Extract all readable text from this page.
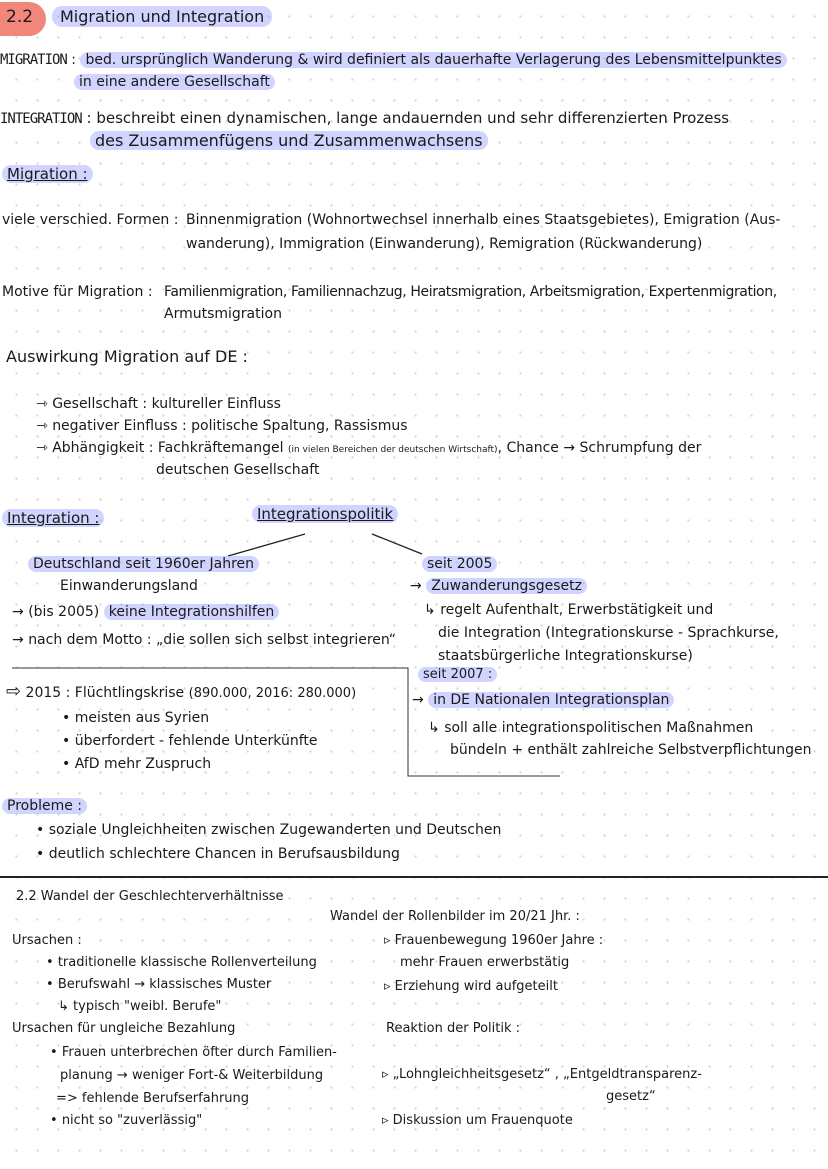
2.2	Migration und Integration
MIGRATION : bed. ursprünglich Wanderung & wird definiert als dauerhafte Verlagerung des Lebensmittelpunktes
in eine andere Gesellschaft
INTEGRATION : beschreibt einen dynamischen, lange andauernden und sehr differenzierten Prozess
des Zusammenfügens und Zusammenwachsens
Migration :
viele verschied. Formen : Binnenmigration (Wohnortwechsel innerhalb eines Staatsgebietes), Emigration (Aus-
wanderung), Immigration (Einwanderung), Remigration (Rückwanderung)
Motive für Migration : Familienmigration, Familiennachzug, Heiratsmigration, Arbeitsmigration, Expertenmigration,
Armutsmigration
Auswirkung Migration auf DE :
⇾ Gesellschaft : kultureller Einfluss
⇾ negativer Einfluss : politische Spaltung, Rassismus
⇾ Abhängigkeit : Fachkräftemangel (in vielen Bereichen der deutschen Wirtschaft), Chance → Schrumpfung der
deutschen Gesellschaft
Integration :	Integrationspolitik
Deutschland seit 1960er Jahren
Einwanderungsland
→ (bis 2005) keine Integrationshilfen
→ nach dem Motto : „die sollen sich selbst integrieren“
seit 2005
→ Zuwanderungsgesetz
↳ regelt Aufenthalt, Erwerbstätigkeit und
die Integration (Integrationskurse - Sprachkurse,
staatsbürgerliche Integrationskurse)
seit 2007 :
→ in DE Nationalen Integrationsplan
↳ soll alle integrationspolitischen Maßnahmen
bündeln + enthält zahlreiche Selbstverpflichtungen
⇨ 2015 : Flüchtlingskrise (890.000, 2016: 280.000)
• meisten aus Syrien
• überfordert - fehlende Unterkünfte
• AfD mehr Zuspruch
Probleme :
• soziale Ungleichheiten zwischen Zugewanderten und Deutschen
• deutlich schlechtere Chancen in Berufsausbildung
2.2 Wandel der Geschlechterverhältnisse
Wandel der Rollenbilder im 20/21 Jhr. :
Ursachen :
• traditionelle klassische Rollenverteilung
• Berufswahl → klassisches Muster
↳ typisch "weibl. Berufe"
Ursachen für ungleiche Bezahlung
• Frauen unterbrechen öfter durch Familien-
planung → weniger Fort-& Weiterbildung
=> fehlende Berufserfahrung
• nicht so "zuverlässig"
▹ Frauenbewegung 1960er Jahre :
mehr Frauen erwerbstätig
▹ Erziehung wird aufgeteilt
Reaktion der Politik :
▹ „Lohngleichheitsgesetz“ , „Entgeldtransparenz-
gesetz“
▹ Diskussion um Frauenquote
